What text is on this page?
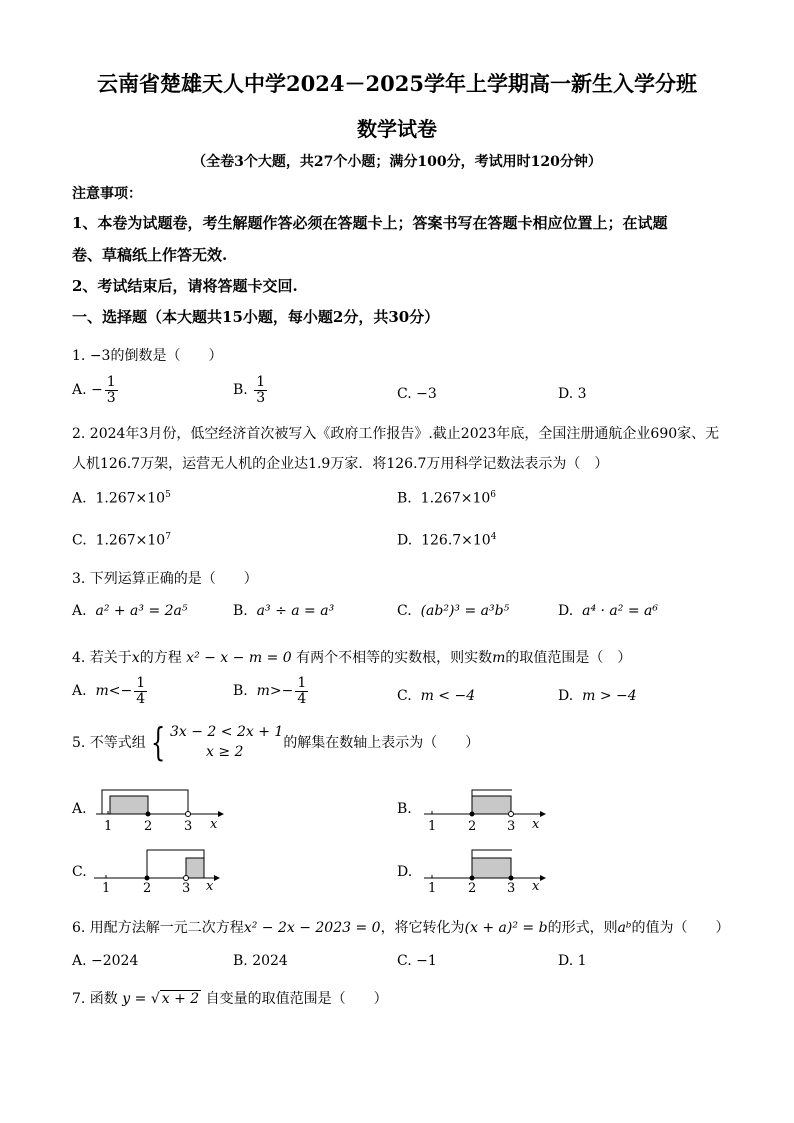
云南省楚雄天人中学2024－2025学年上学期高一新生入学分班
数学试卷
（全卷3个大题，共27个小题；满分100分，考试用时120分钟）
注意事项：
1、本卷为试题卷，考生解题作答必须在答题卡上；答案书写在答题卡相应位置上；在试题
卷、草稿纸上作答无效.
2、考试结束后，请将答题卡交回.
一、选择题（本大题共15小题，每小题2分，共30分）
1. −3的倒数是（　　）
A. − $\frac{1}{3}$	B. $\frac{1}{3}$	C. −3	D. 3
2. 2024年3月份，低空经济首次被写入《政府工作报告》.截止2023年底，全国注册通航企业690家、无
人机126.7万架，运营无人机的企业达1.9万家．将126.7万用科学记数法表示为（　）
A. $1.267\times 10^5$	B. $1.267\times 10^6$
C. $1.267\times 10^7$	D. $126.7\times 10^4$
3. 下列运算正确的是（　　）
A. a² + a³ = 2a⁵	B. a³ ÷ a = a³	C. (ab²)³ = a³b⁵	D. a⁴ · a² = a⁶
4. 若关于x的方程 x² − x − m = 0 有两个不相等的实数根，则实数m的取值范围是（　）
A. $m<- \frac{1}{4}$	B. $m>- \frac{1}{4}$	C. m < −4	D. m > −4
5. 不等式组 { 3x − 2 < 2x + 1
x ≥ 2
的解集在数轴上表示为（　　）
A.
1 2 3 x
B.
1 2 3 x
C.
1	2 3 x
D.
1 2 3 x
6. 用配方法解一元二次方程x² − 2x − 2023 = 0，将它转化为(x + a)² = b的形式，则aᵇ的值为（　　）
A. −2024	B. 2024	C. −1	D. 1
7. 函数 y = √ x + 2 自变量的取值范围是（　　）
